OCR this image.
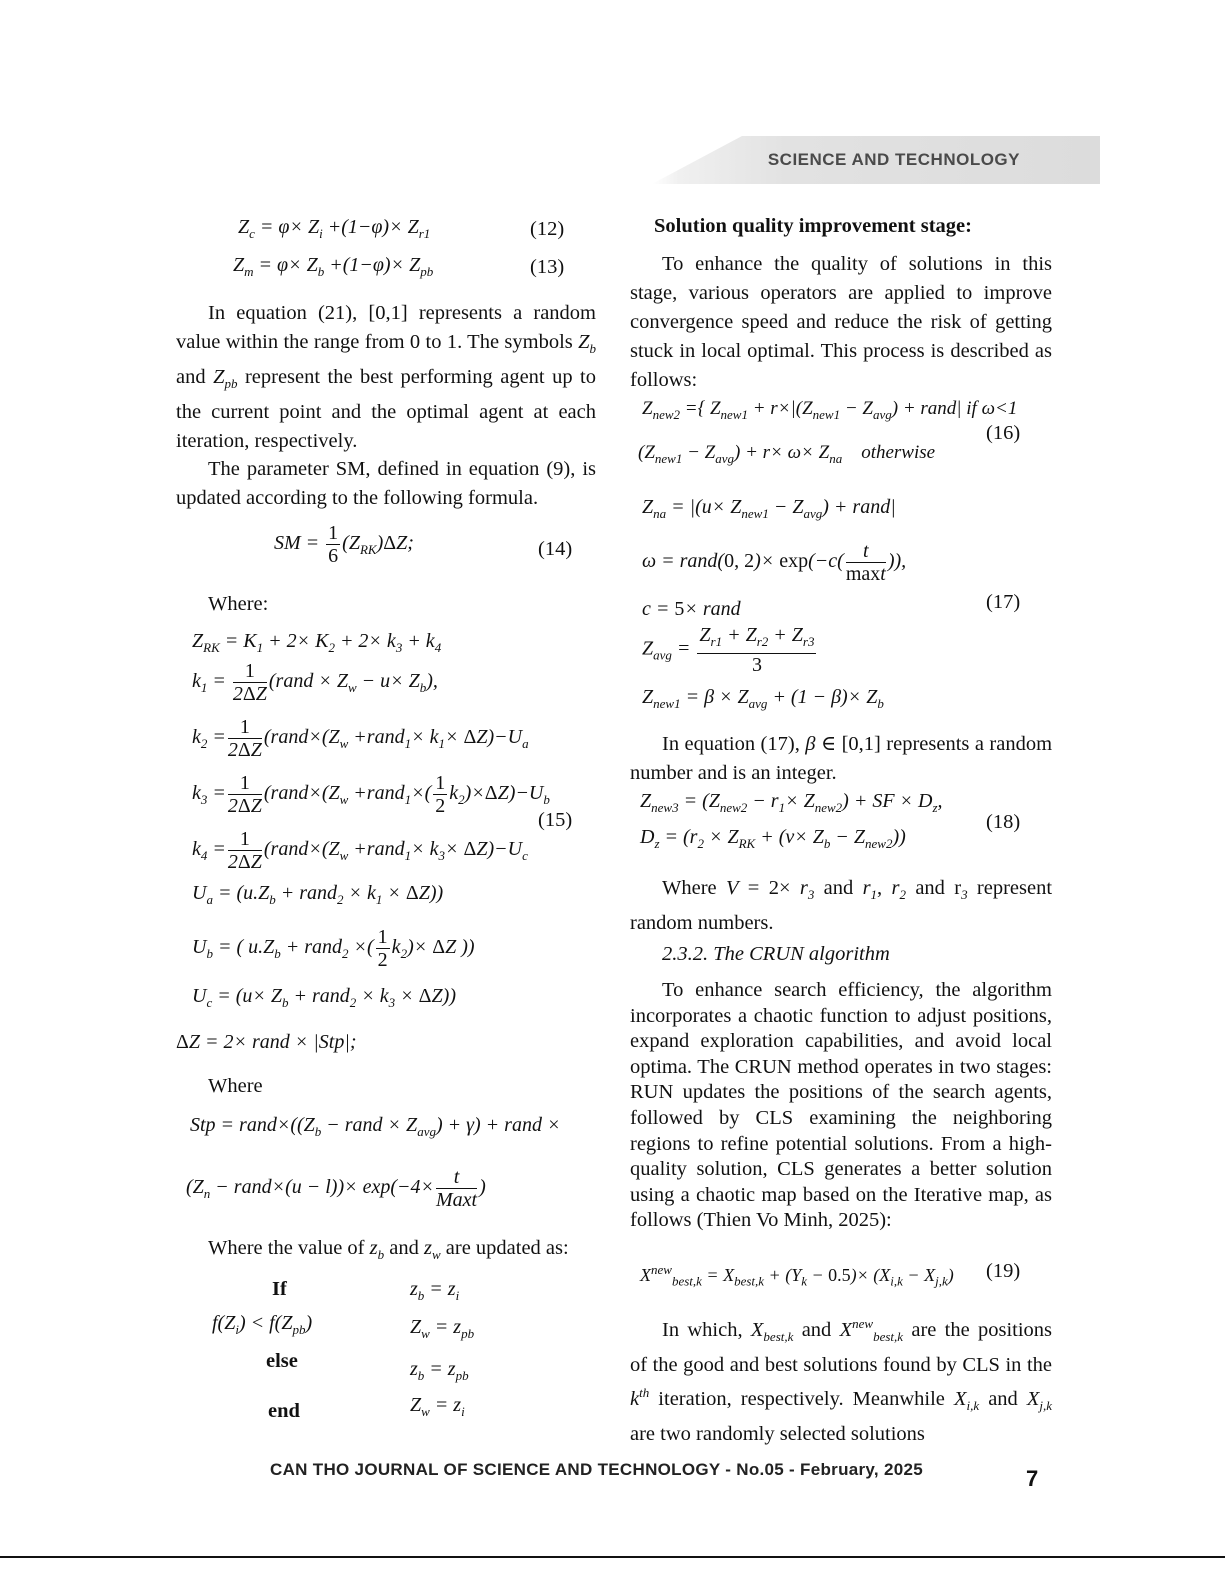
SCIENCE AND TECHNOLOGY
$Z_c = \varphi\times Z_i +(1-\varphi)\times Z_{r1}$	(12)
$Z_m = \varphi\times Z_b +(1-\varphi)\times Z_{pb}$	(13)

In equation (21), [0,1] represents a random value within the range from 0 to 1. The symbols $Z_b$ and $Z_{pb}$ represent the best performing agent up to the current point and the optimal agent at each iteration, respectively.

The parameter SM, defined in equation (9), is updated according to the following formula.

SM = $\frac{1}{6} (Z_{RK})\Delta Z$;	(14)

Where:

$Z_{RK} = K_1 + 2\times K_2 + 2\times k_3 + k_4$
$k_1 = \frac{1}{2\Delta Z}$ (rand × $Z_w - u\times Z_b$),
$k_2 = \frac{1}{2\Delta Z}$ ($rand\times(Z_w$ +rand$_1$× $k_1\times \Delta Z)-U_a$
$k_3 = \frac{1}{2\Delta Z}$ ($rand\times(Z_w$ +rand$_1$×( $\frac{1}{2} k_2)\times\Delta Z)-U_b$
(15)
$k_4 = \frac{1}{2\Delta Z}$ ($rand\times(Z_w$ +rand$_1$× $k_3\times \Delta Z)-U_c$
$U_a = (u.Z_b$ + rand$_2$ × $k_1 \times \Delta Z$))
$U_b$ = ( $u.Z_b$ + rand$_2$ ×( $\frac{1}{2} k_2)\times \Delta Z$ ))
$U_c = (u\times Z_b$ + rand$_2$ × $k_3 \times \Delta Z$))
ΔZ = 2× rand × |Stp|;

Where

Stp = $rand\times((Z_b$ − rand × $Z_{avg}) + \gamma$) + rand ×
($Z_n$ − rand×(u − $l))\times \exp(-4\times \frac{t}{\text{Maxt}}$ )

Where the value of $z_b$ and $z_w$ are updated as:

If	$z_b = z_i$
$f(Z_i) < f(Z_{pb})$	$Z_w = z_{pb}$
else	$z_b = z_{pb}$
end	$Z_w = z_i$

Solution quality improvement stage:

To enhance the quality of solutions in this stage, various operators are applied to improve convergence speed and reduce the risk of getting stuck in local optimal. This process is described as follows:

$Z_{new2}$ ={ $Z_{new1} + r\times|(Z_{new1} - Z_{avg})$ + rand| if ω<1
(16)
$(Z_{new1} - Z_{avg}) + r\times \omega\times Z_{na}$ otherwise
$Z_{na} = |(u\times Z_{new1} - Z_{avg})$ + rand|
ω = rand(0, $2)\times \exp(-c( \frac{t}{\max t}$ )),
c = 5× rand	(17)
$Z_{avg} = \frac{Z_{r1} + Z_{r2} + Z_{r3}}{3}$
$Z_{new1} = \beta \times Z_{avg} + (1 - \beta)\times Z_b$

In equation (17), β ∈ [0,1] represents a random number and is an integer.

$Z_{new3} = (Z_{new2} - r_1\times Z_{new2})$ + SF × $D_z$,
(18)
$D_z = (r_2 \times Z_{RK} + (v\times Z_b - Z_{new2}))$

Where $V = 2\times r_3$ and $r_1$, $r_2$ and $r_3$ represent random numbers.

2.3.2. The CRUN algorithm

To enhance search efficiency, the algorithm incorporates a chaotic function to adjust positions, expand exploration capabilities, and avoid local optima. The CRUN method operates in two stages: RUN updates the positions of the search agents, followed by CLS examining the neighboring regions to refine potential solutions. From a high-quality solution, CLS generates a better solution using a chaotic map based on the Iterative map, as follows (Thien Vo Minh, 2025):

$X^{new}_{best,k} = X_{best,k} + (Y_k - 0.5)\times (X_{i,k} - X_{j,k})$ (19)

In which, $X_{best,k}$ and $X^{new}_{best,k}$ are the positions of the good and best solutions found by CLS in the $k^{th}$ iteration, respectively. Meanwhile $X_{i,k}$ and $X_{j,k}$ are two randomly selected solutions

CAN THO JOURNAL OF SCIENCE AND TECHNOLOGY - No.05 - February, 2025	7
